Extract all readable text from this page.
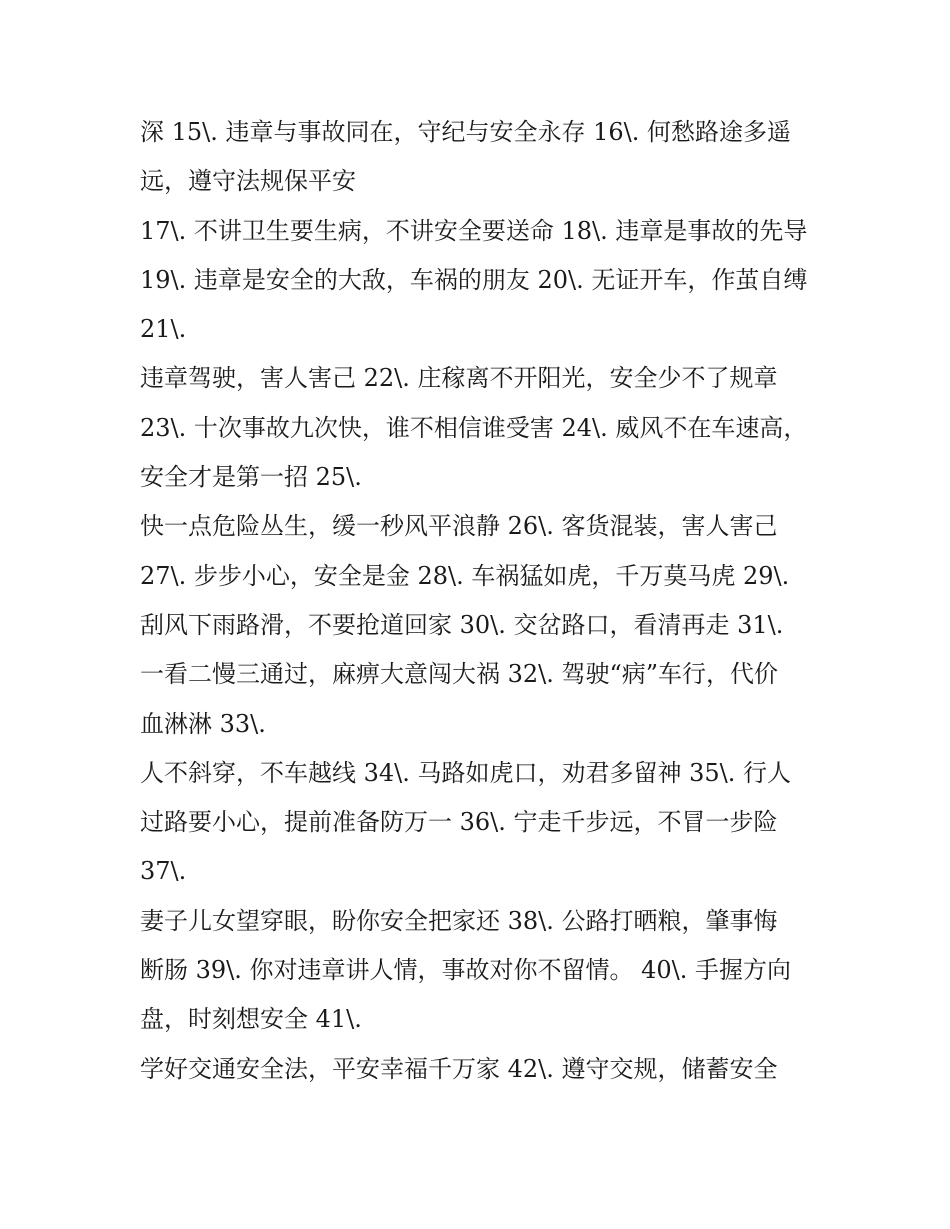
深 15\. 违章与事故同在，守纪与安全永存 16\. 何愁路途多遥
远，遵守法规保平安
17\. 不讲卫生要生病，不讲安全要送命 18\. 违章是事故的先导
19\. 违章是安全的大敌，车祸的朋友 20\. 无证开车，作茧自缚
21\.
违章驾驶，害人害己 22\. 庄稼离不开阳光，安全少不了规章
23\. 十次事故九次快，谁不相信谁受害 24\. 威风不在车速高，
安全才是第一招 25\.
快一点危险丛生，缓一秒风平浪静 26\. 客货混装，害人害己
27\. 步步小心，安全是金 28\. 车祸猛如虎，千万莫马虎 29\.
刮风下雨路滑，不要抢道回家 30\. 交岔路口，看清再走 31\.
一看二慢三通过，麻痹大意闯大祸 32\. 驾驶“病”车行，代价
血淋淋 33\.
人不斜穿，不车越线 34\. 马路如虎口，劝君多留神 35\. 行人
过路要小心，提前准备防万一 36\. 宁走千步远，不冒一步险
37\.
妻子儿女望穿眼，盼你安全把家还 38\. 公路打晒粮，肇事悔
断肠 39\. 你对违章讲人情，事故对你不留情。 40\. 手握方向
盘，时刻想安全 41\.
学好交通安全法，平安幸福千万家 42\. 遵守交规，储蓄安全
